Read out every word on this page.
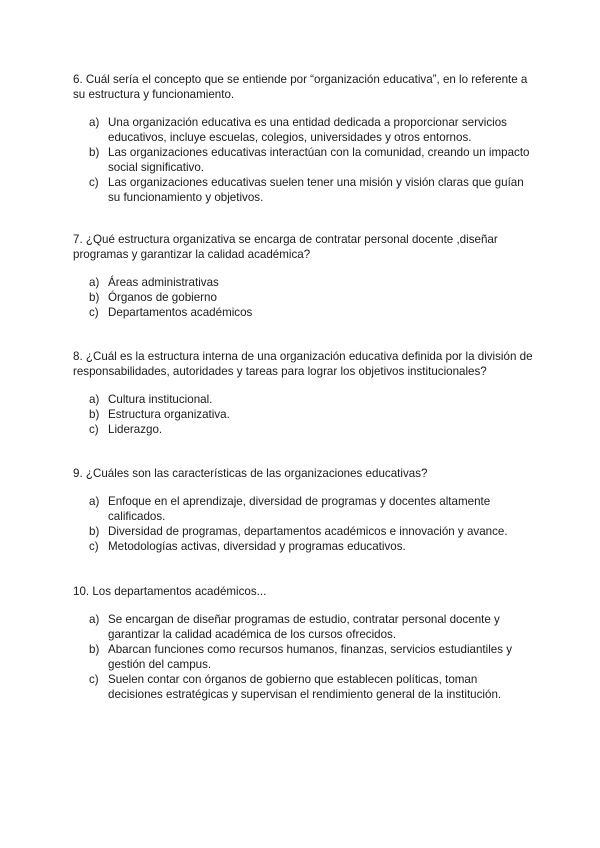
6. Cuál sería el concepto que se entiende por “organización educativa”, en lo referente a su estructura y funcionamiento.

a) Una organización educativa es una entidad dedicada a proporcionar servicios educativos, incluye escuelas, colegios, universidades y otros entornos.
b) Las organizaciones educativas interactúan con la comunidad, creando un impacto social significativo.
c) Las organizaciones educativas suelen tener una misión y visión claras que guían su funcionamiento y objetivos.

7. ¿Qué estructura organizativa se encarga de contratar personal docente ,diseñar programas y garantizar la calidad académica?

a) Áreas administrativas
b) Órganos de gobierno
c) Departamentos académicos

8. ¿Cuál es la estructura interna de una organización educativa definida por la división de responsabilidades, autoridades y tareas para lograr los objetivos institucionales?

a) Cultura institucional.
b) Estructura organizativa.
c) Liderazgo.

9. ¿Cuáles son las características de las organizaciones educativas?

a) Enfoque en el aprendizaje, diversidad de programas y docentes altamente calificados.
b) Diversidad de programas, departamentos académicos e innovación y avance.
c) Metodologías activas, diversidad y programas educativos.

10. Los departamentos académicos...

a) Se encargan de diseñar programas de estudio, contratar personal docente y garantizar la calidad académica de los cursos ofrecidos.
b) Abarcan funciones como recursos humanos, finanzas, servicios estudiantiles y gestión del campus.
c) Suelen contar con órganos de gobierno que establecen políticas, toman decisiones estratégicas y supervisan el rendimiento general de la institución.
